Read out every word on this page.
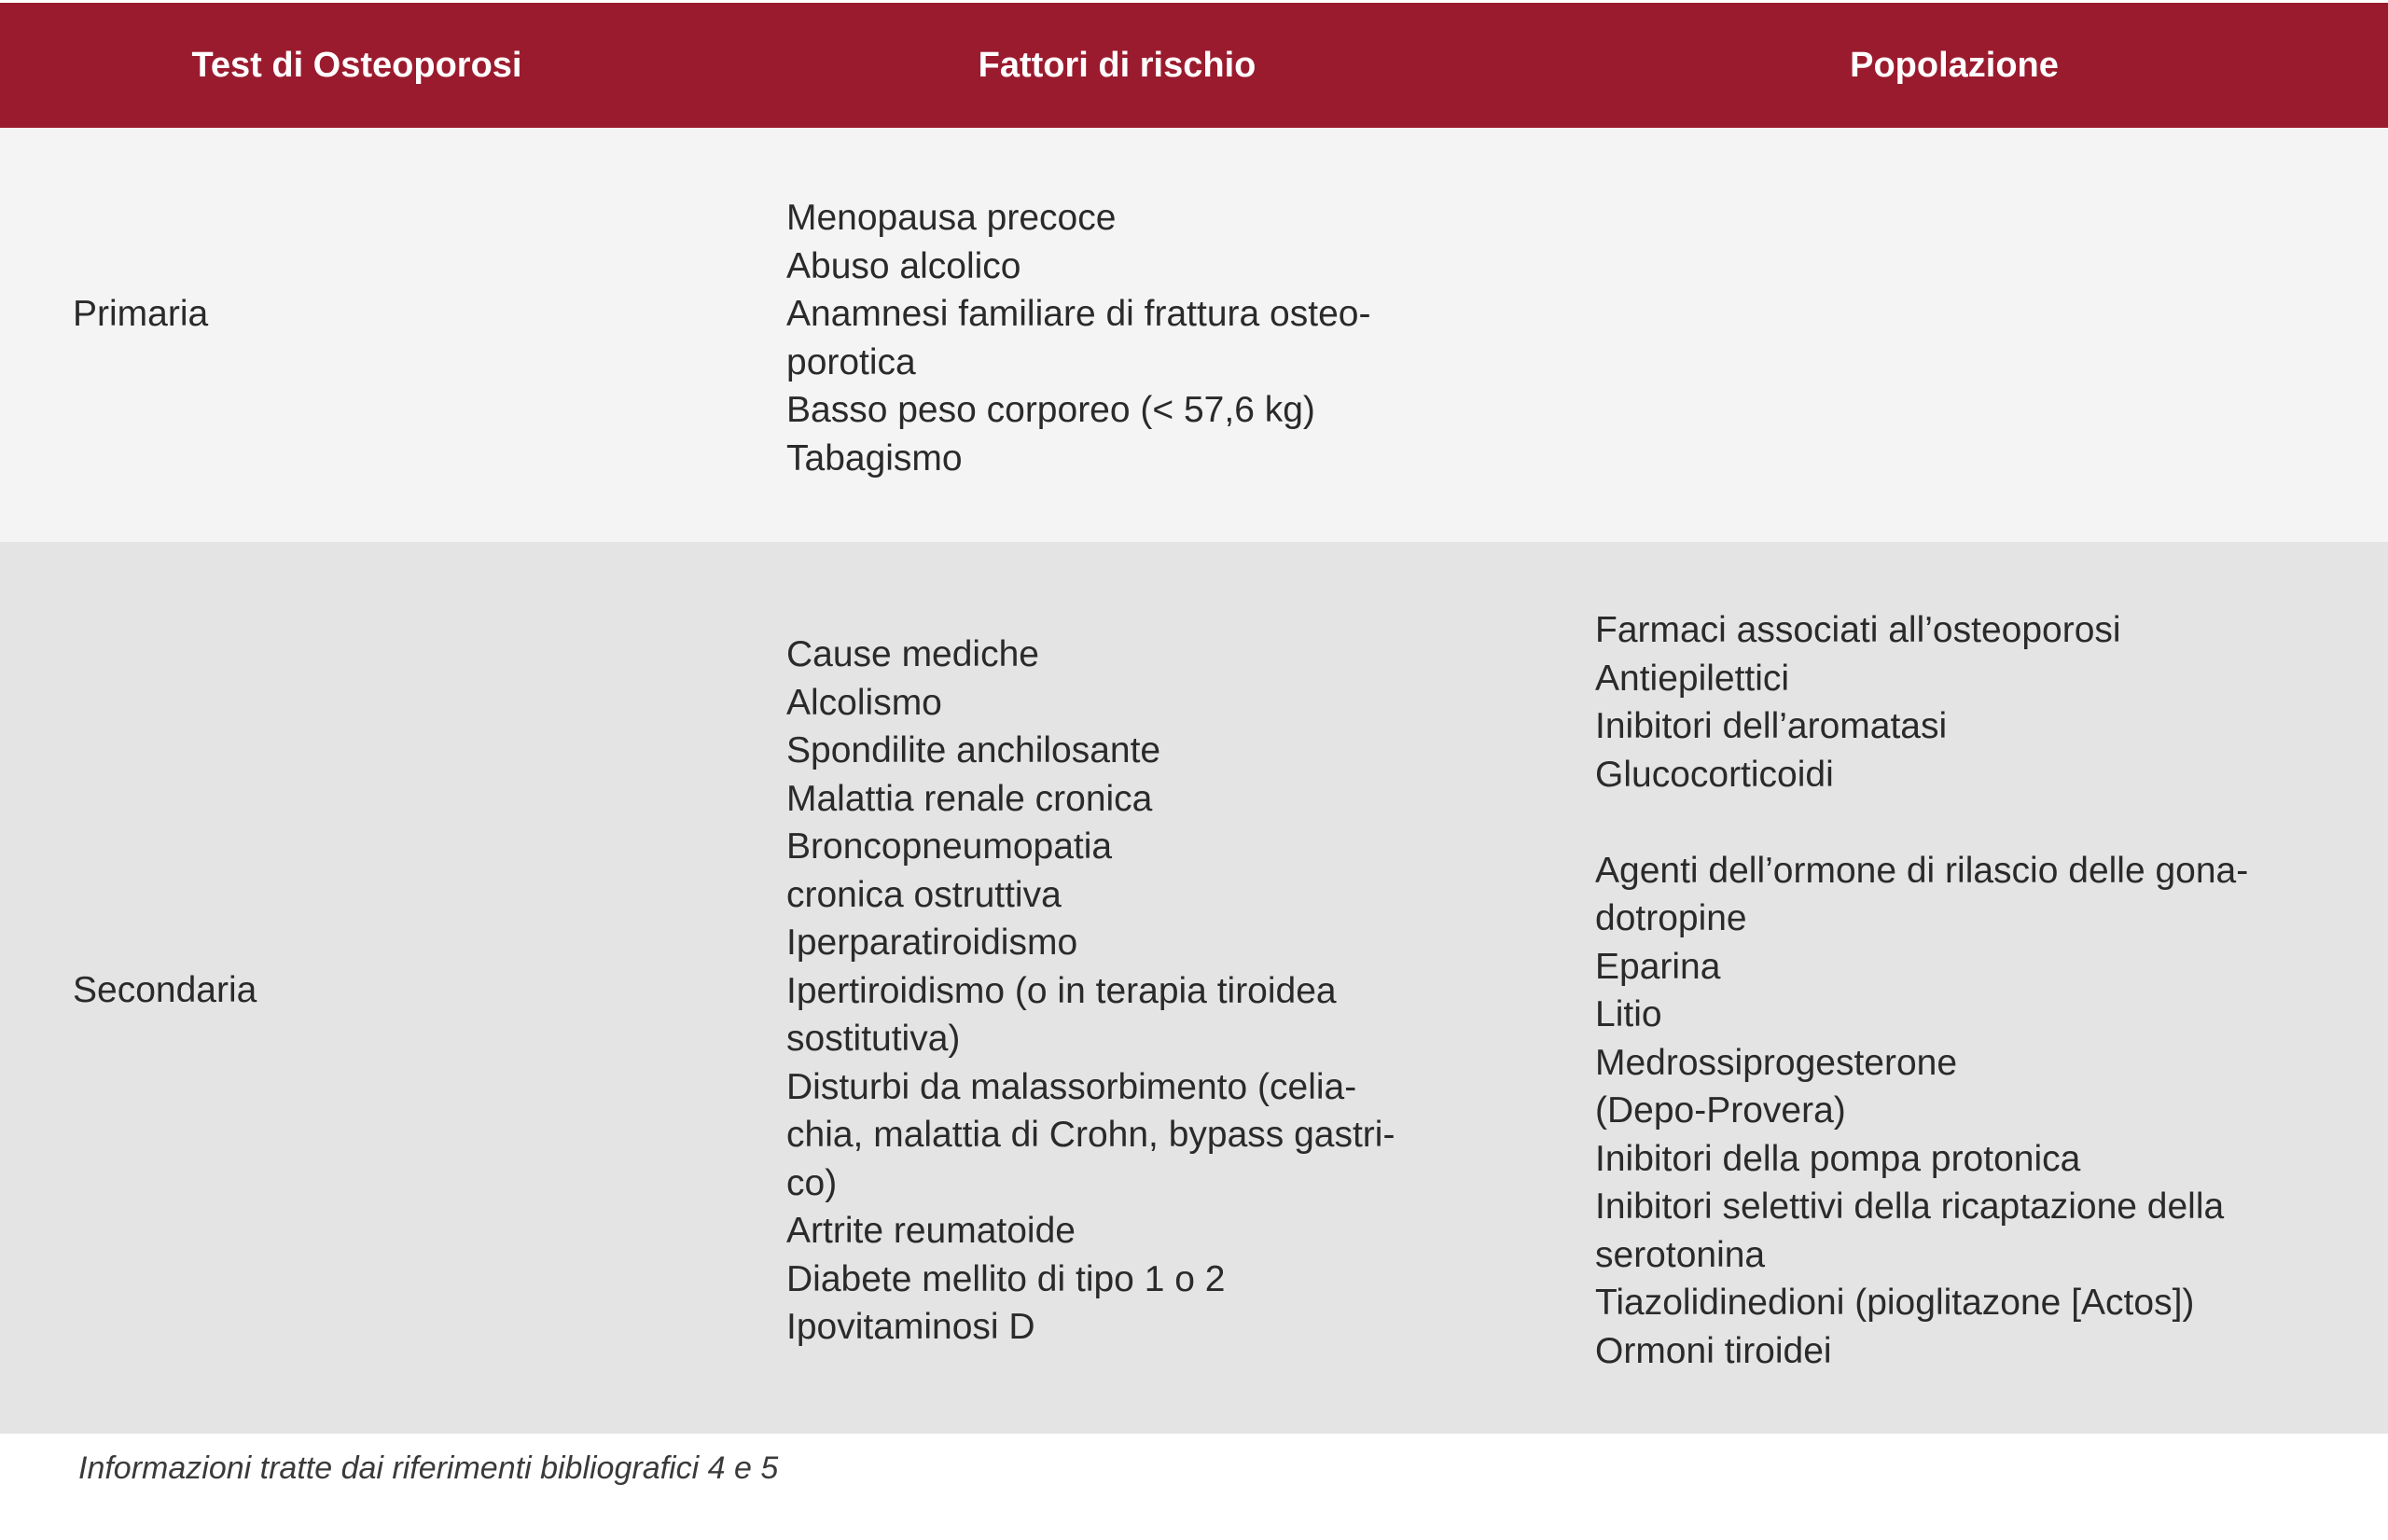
Test di Osteoporosi	Fattori di rischio	Popolazione
Primaria
Menopausa precoce
Abuso alcolico
Anamnesi familiare di frattura osteo-
porotica
Basso peso corporeo (< 57,6 kg)
Tabagismo
Secondaria
Cause mediche
Alcolismo
Spondilite anchilosante
Malattia renale cronica
Broncopneumopatia
cronica ostruttiva
Iperparatiroidismo
Ipertiroidismo (o in terapia tiroidea
sostitutiva)
Disturbi da malassorbimento (celia-
chia, malattia di Crohn, bypass gastri-
co)
Artrite reumatoide
Diabete mellito di tipo 1 o 2
Ipovitaminosi D
Farmaci associati all’osteoporosi
Antiepilettici
Inibitori dell’aromatasi
Glucocorticoidi
Agenti dell’ormone di rilascio delle gona-
dotropine
Eparina
Litio
Medrossiprogesterone
(Depo-Provera)
Inibitori della pompa protonica
Inibitori selettivi della ricaptazione della
serotonina
Tiazolidinedioni (pioglitazone [Actos])
Ormoni tiroidei
Informazioni tratte dai riferimenti bibliografici 4 e 5
